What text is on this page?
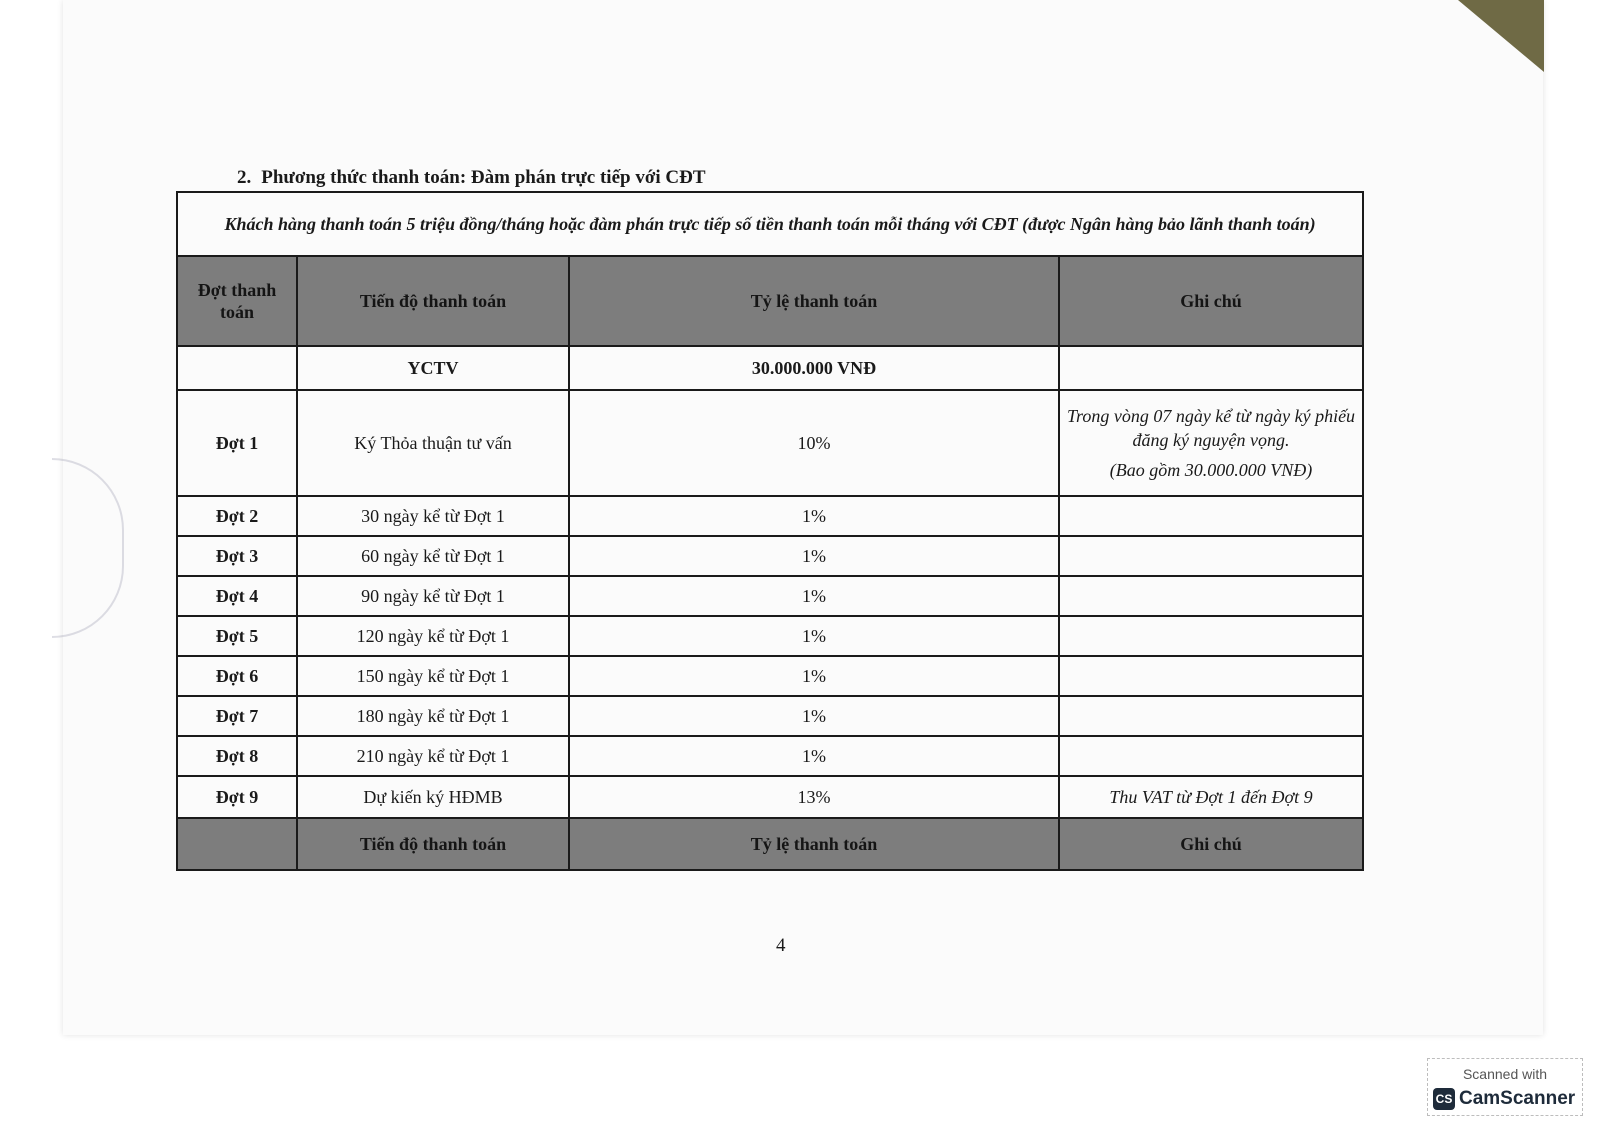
2. Phương thức thanh toán: Đàm phán trực tiếp với CĐT
Khách hàng thanh toán 5 triệu đồng/tháng hoặc đàm phán trực tiếp số tiền thanh toán mỗi tháng với CĐT (được Ngân hàng bảo lãnh thanh toán)			
Đợt thanh toán	Tiến độ thanh toán	Tỷ lệ thanh toán	Ghi chú
	YCTV	30.000.000 VNĐ	
Đợt 1	Ký Thỏa thuận tư vấn	10%	Trong vòng 07 ngày kể từ ngày ký phiếu đăng ký nguyện vọng.
(Bao gồm 30.000.000 VNĐ)

Đợt 2	30 ngày kể từ Đợt 1	1%	
Đợt 3	60 ngày kể từ Đợt 1	1%	
Đợt 4	90 ngày kể từ Đợt 1	1%	
Đợt 5	120 ngày kể từ Đợt 1	1%	
Đợt 6	150 ngày kể từ Đợt 1	1%	
Đợt 7	180 ngày kể từ Đợt 1	1%	
Đợt 8	210 ngày kể từ Đợt 1	1%	
Đợt 9	Dự kiến ký HĐMB	13%	Thu VAT từ Đợt 1 đến Đợt 9
	Tiến độ thanh toán	Tỷ lệ thanh toán	Ghi chú
4
Scanned with
CS CamScanner
